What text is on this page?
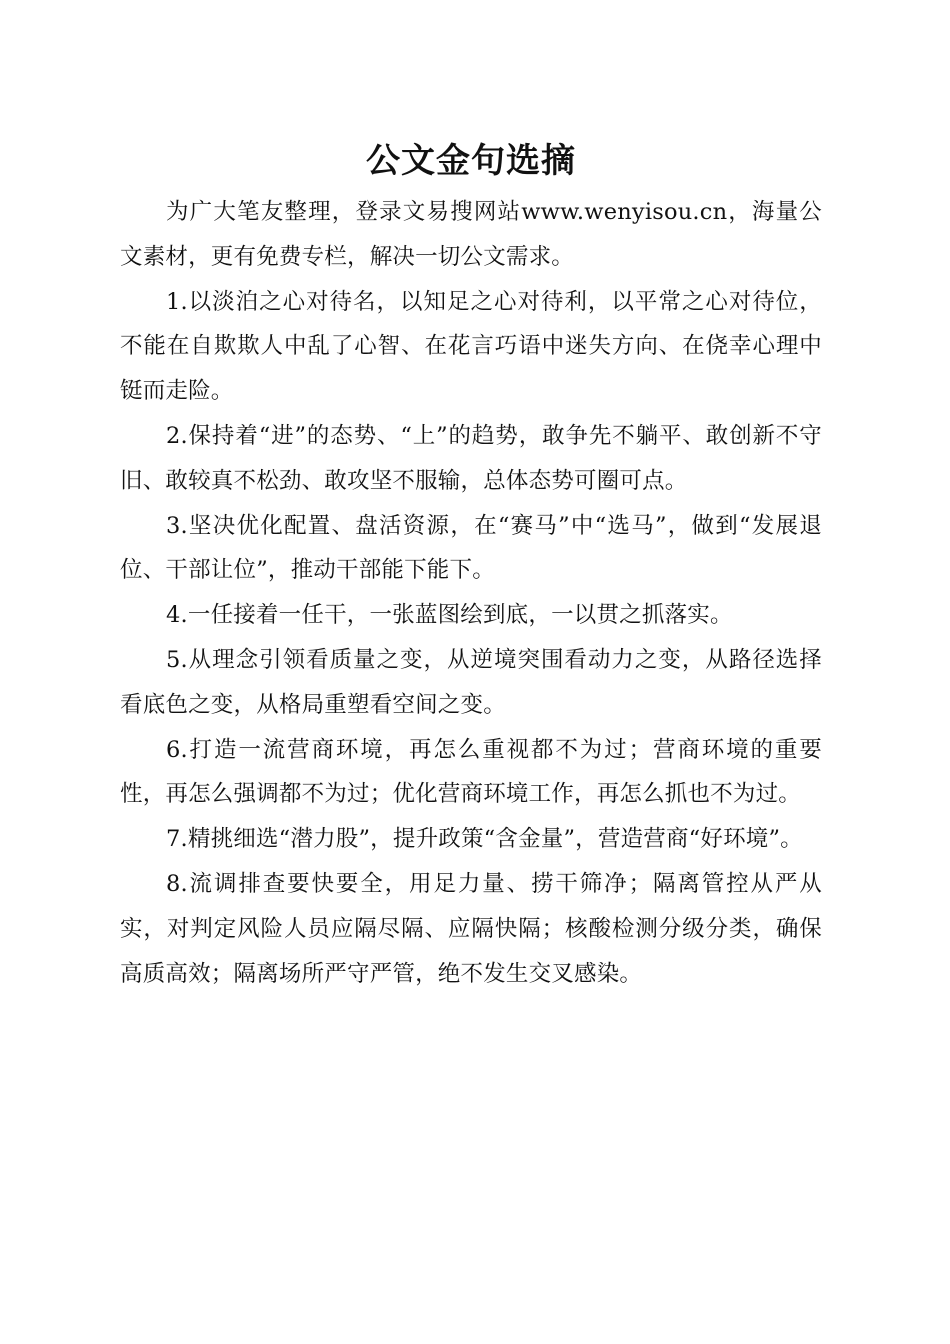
公文金句选摘

为广大笔友整理，登录文易搜网站www.wenyisou.cn，海量公文素材，更有免费专栏，解决一切公文需求。

1.以淡泊之心对待名，以知足之心对待利，以平常之心对待位，不能在自欺欺人中乱了心智、在花言巧语中迷失方向、在侥幸心理中铤而走险。

2.保持着“进”的态势、“上”的趋势，敢争先不躺平、敢创新不守旧、敢较真不松劲、敢攻坚不服输，总体态势可圈可点。

3.坚决优化配置、盘活资源，在“赛马”中“选马”，做到“发展退位、干部让位”，推动干部能下能下。

4.一任接着一任干，一张蓝图绘到底，一以贯之抓落实。

5.从理念引领看质量之变，从逆境突围看动力之变，从路径选择看底色之变，从格局重塑看空间之变。

6.打造一流营商环境，再怎么重视都不为过；营商环境的重要性，再怎么强调都不为过；优化营商环境工作，再怎么抓也不为过。

7.精挑细选“潜力股”，提升政策“含金量”，营造营商“好环境”。

8.流调排查要快要全，用足力量、捞干筛净；隔离管控从严从实，对判定风险人员应隔尽隔、应隔快隔；核酸检测分级分类，确保高质高效；隔离场所严守严管，绝不发生交叉感染。
